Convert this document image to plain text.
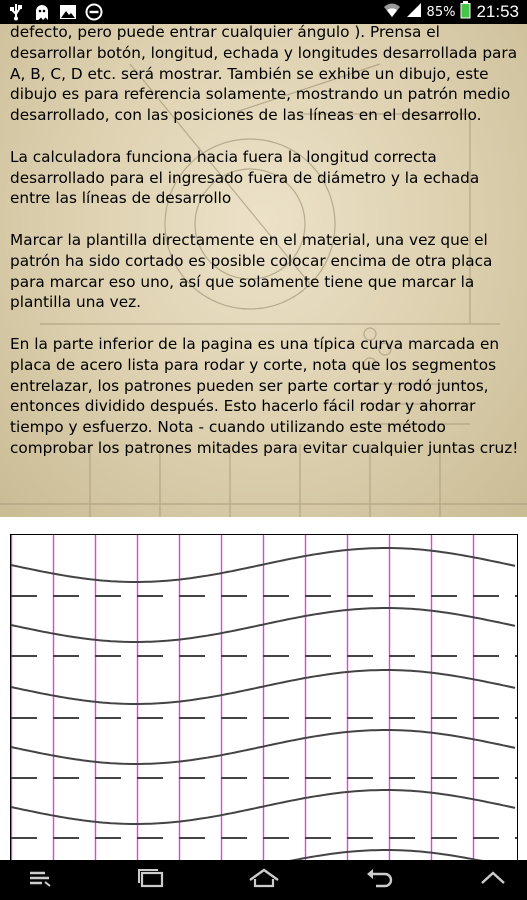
85% 21:53

defecto, pero puede entrar cualquier ángulo ). Prensa el desarrollar botón, longitud, echada y longitudes desarrollada para A, B, C, D etc. será mostrar. También se exhibe un dibujo, este dibujo es para referencia solamente, mostrando un patrón medio desarrollado, con las posiciones de las líneas en el desarrollo.

La calculadora funciona hacia fuera la longitud correcta desarrollado para el ingresado fuera de diámetro y la echada entre las líneas de desarrollo

Marcar la plantilla directamente en el material, una vez que el patrón ha sido cortado es posible colocar encima de otra placa para marcar eso uno, así que solamente tiene que marcar la plantilla una vez.

En la parte inferior de la pagina es una típica curva marcada en placa de acero lista para rodar y corte, nota que los segmentos entrelazar, los patrones pueden ser parte cortar y rodó juntos, entonces dividido después. Esto hacerlo fácil rodar y ahorrar tiempo y esfuerzo. Nota - cuando utilizando este método comprobar los patrones mitades para evitar cualquier juntas cruz!
